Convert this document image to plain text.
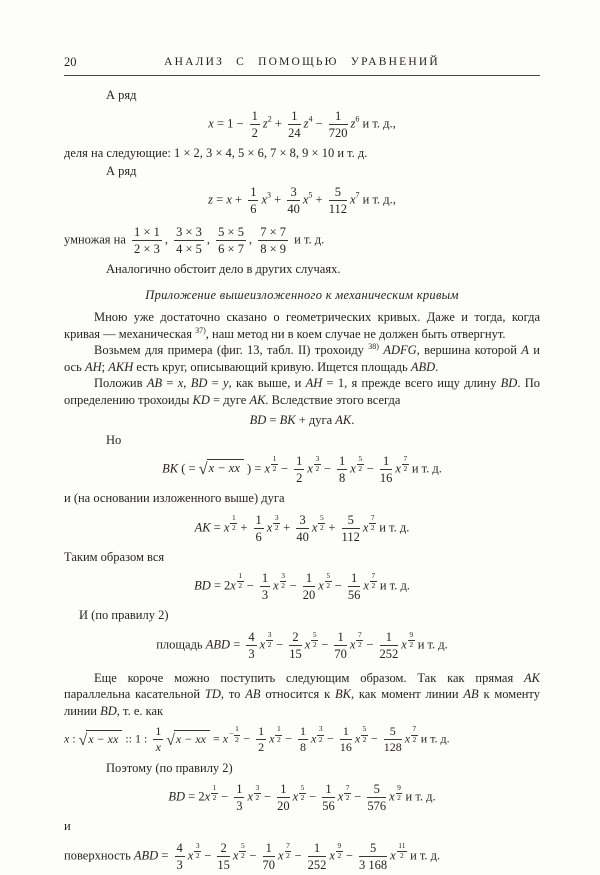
20	АНАЛИЗ С ПОМОЩЬЮ УРАВНЕНИЙ
А ряд
$x = 1 - \frac{1}{2} z^2 + \frac{1}{24} z^4 - \frac{1}{720} z^6$ и т. д.,
деля на следующие: 1 × 2, 3 × 4, 5 × 6, 7 × 8, 9 × 10 и т. д.
А ряд
$z = x + \frac{1}{6} x^3 + \frac{3}{40} x^5 + \frac{5}{112} x^7$ и т. д.,
умножая на $\frac{1 \times 1}{2 \times 3}$ , $\frac{3 \times 3}{4 \times 5}$ , $\frac{5 \times 5}{6 \times 7}$ , $\frac{7 \times 7}{8 \times 9}$ и т. д.
Аналогично обстоит дело в других случаях.
Приложение вышеизложенного к механическим кривым

Мною уже достаточно сказано о геометрических кривых. Даже и тогда, когда кривая — механическая $^{37)}$, наш метод ни в коем случае не должен быть отвергнут.

Возьмем для примера (фиг. 13, табл. II) трохоиду $^{38)}$ ADFG, вершина которой A и ось AH; AKH есть круг, описывающий кривую. Ищется площадь ABD.

Положив AB = x, BD = y, как выше, и AH = 1, я прежде всего ищу длину BD. По определению трохоиды KD = дуге AK. Вследствие этого всегда

BD = BK + дуга AK.
Но
BK ( = √ x − xx ) = x $\frac{1}{2} - \frac{1}{2}$ x $\frac{3}{2} - \frac{1}{8}$ x $\frac{5}{2} - \frac{1}{16}$ x $\frac{7}{2}$ и т. д.
и (на основании изложенного выше) дуга
AK = x $\frac{1}{2} + \frac{1}{6}$ x $\frac{3}{2} + \frac{3}{40}$ x $\frac{5}{2} + \frac{5}{112}$ x $\frac{7}{2}$ и т. д.
Таким образом вся
BD = $2x \frac{1}{2} - \frac{1}{3}$ x $\frac{3}{2} - \frac{1}{20}$ x $\frac{5}{2} - \frac{1}{56}$ x $\frac{7}{2}$ и т. д.
И (по правилу 2)
площадь ABD = $\frac{4}{3}$ x $\frac{3}{2} - \frac{2}{15}$ x $\frac{5}{2} - \frac{1}{70}$ x $\frac{7}{2} - \frac{1}{252}$ x $\frac{9}{2}$ и т. д.

Еще короче можно поступить следующим образом. Так как прямая AK параллельна касательной TD, то AB относится к BK, как момент линии AB к моменту линии BD, т. е. как

x : √ x − xx :: 1 : $\frac{1}{x}$ √ x − xx = $x- \frac{1}{2} - \frac{1}{2}$ x $\frac{1}{2} - \frac{1}{8}$ x $\frac{3}{2} - \frac{1}{16}$ x $\frac{5}{2} - \frac{5}{128}$ x $\frac{7}{2}$ и т. д.
Поэтому (по правилу 2)
BD = $2x \frac{1}{2} - \frac{1}{3}$ x $\frac{3}{2} - \frac{1}{20}$ x $\frac{5}{2} - \frac{1}{56}$ x $\frac{7}{2} - \frac{5}{576}$ x $\frac{9}{2}$ и т. д.
и
поверхность ABD = $\frac{4}{3}$ x $\frac{3}{2} - \frac{2}{15}$ x $\frac{5}{2} - \frac{1}{70}$ x $\frac{7}{2} - \frac{1}{252}$ x $\frac{9}{2} - \frac{5}{3 168}$ x $\frac{11}{2}$ и т. д.
